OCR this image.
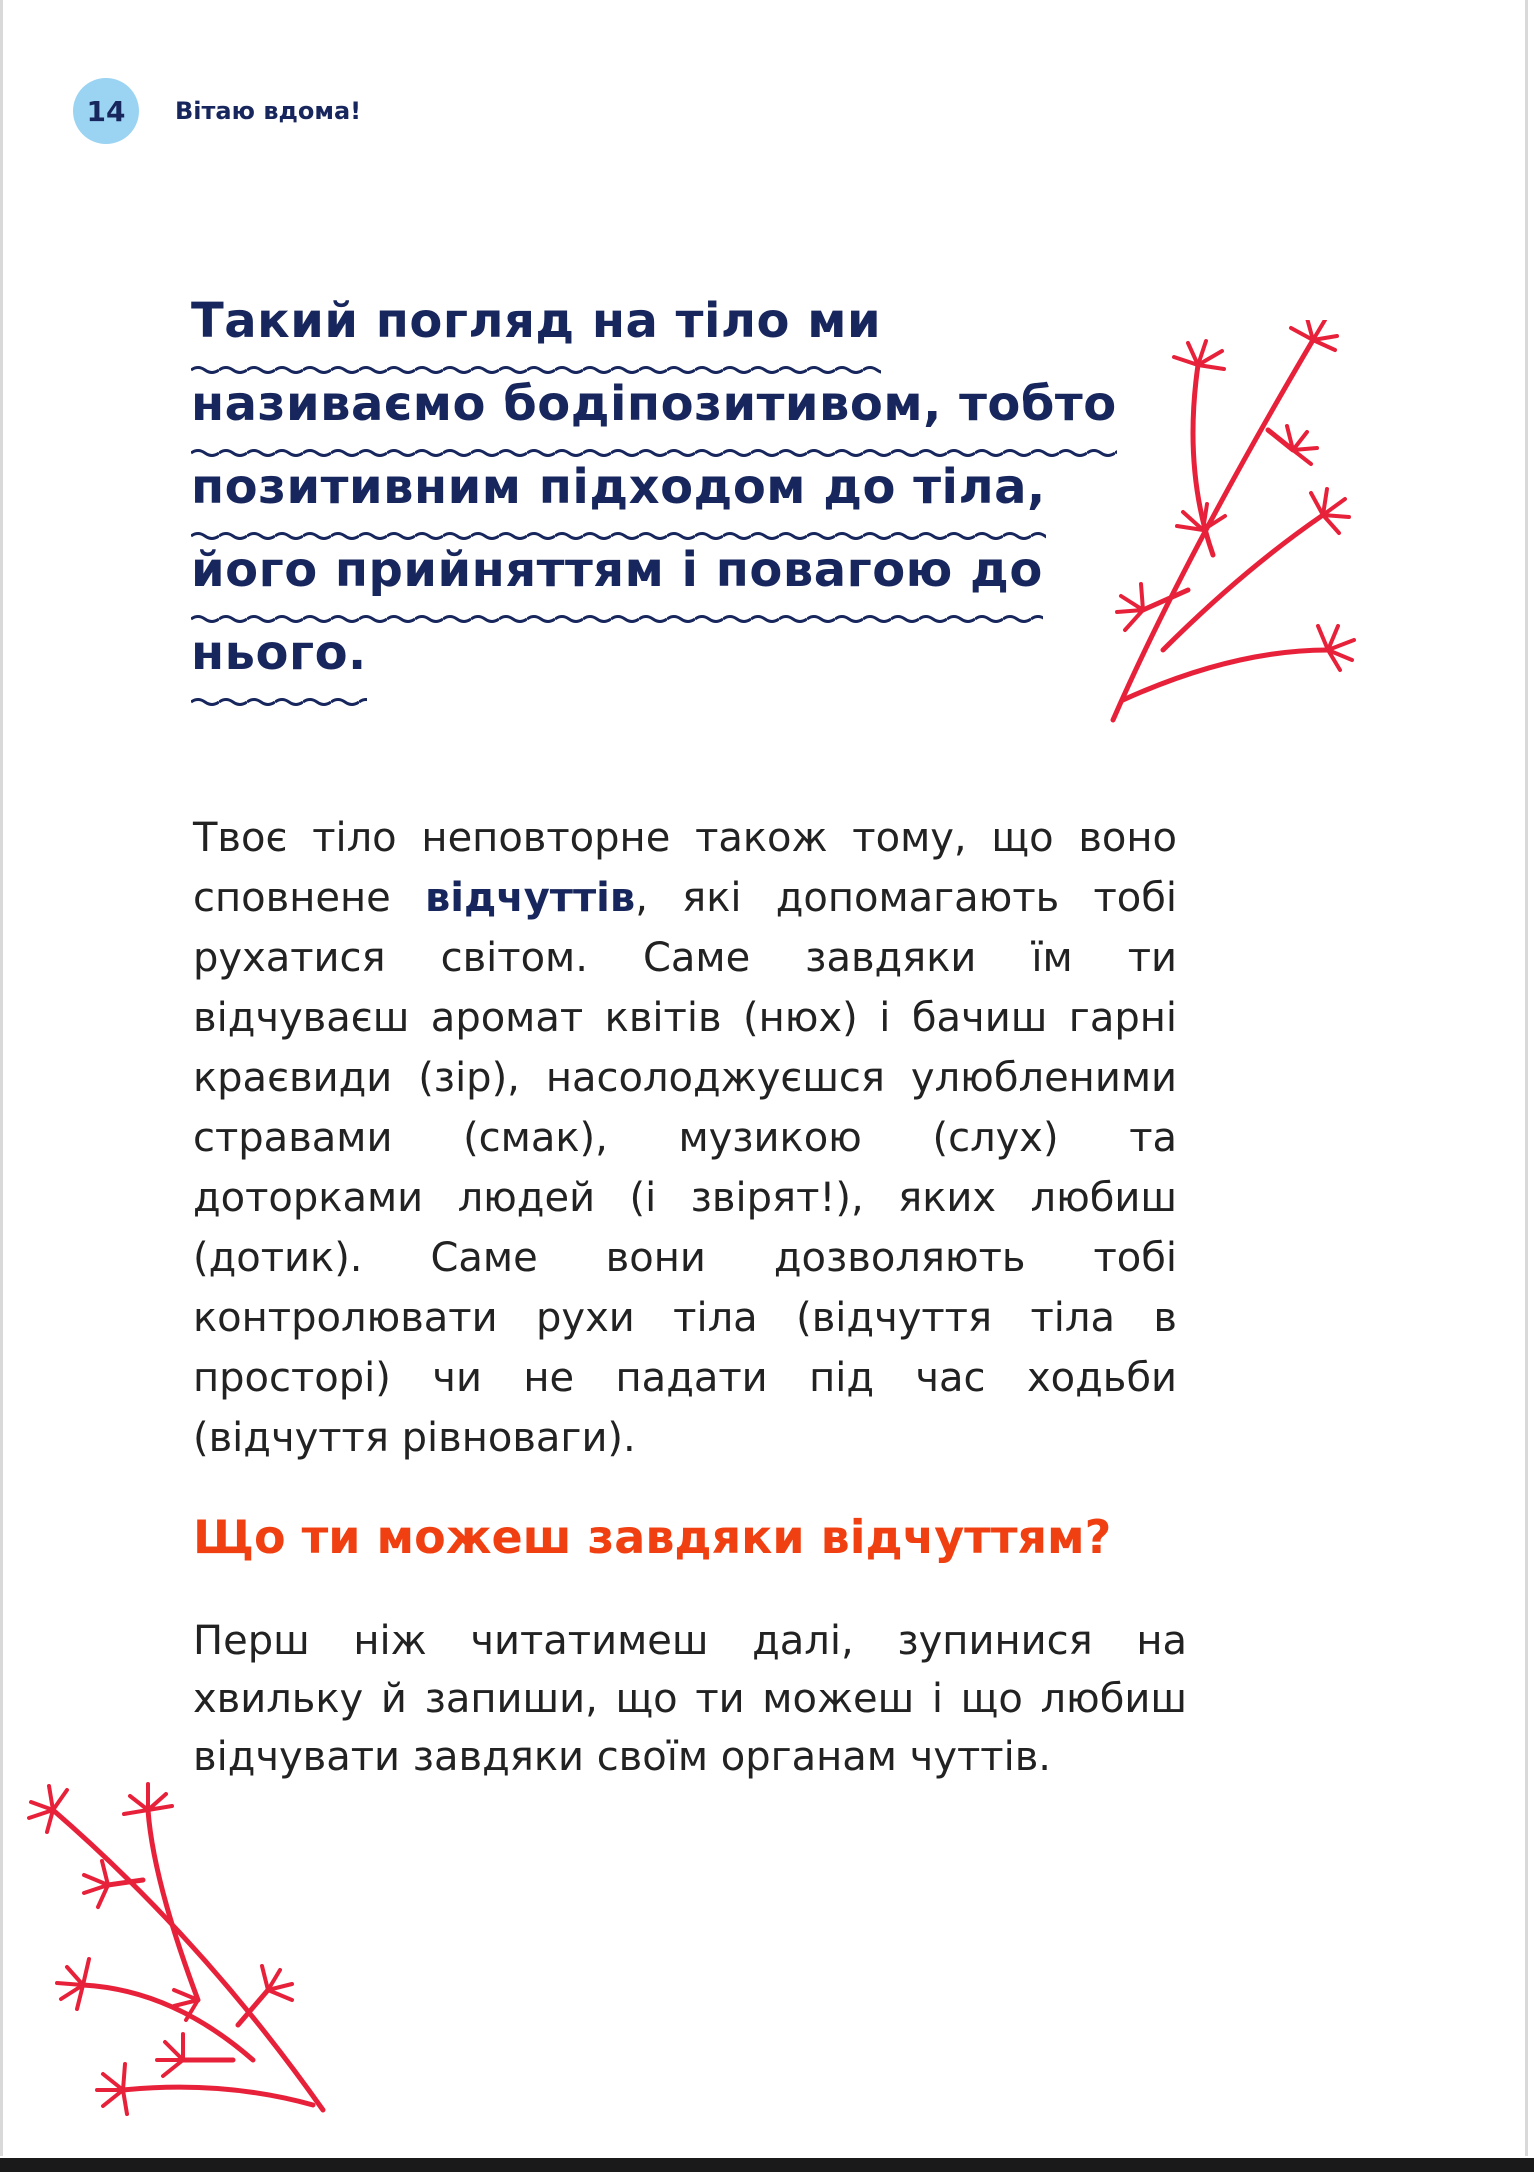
14	Вітаю вдома!
Такий погляд на тіло ми
називаємо бодіпозитивом, тобто
позитивним підходом до тіла,
його прийняттям і повагою до
нього.
Твоє тіло неповторне також тому, що воно сповнене відчуттів, які допомагають тобі рухатися світом. Саме завдяки їм ти відчуваєш аромат квітів (нюх) і бачиш гарні краєвиди (зір), насолоджуєшся улюбленими стравами (смак), музикою (слух) та доторками людей (і звірят!), яких любиш (дотик). Саме вони дозволяють тобі контролювати рухи тіла (відчуття тіла в просторі) чи не падати під час ходьби (відчуття рівноваги).
Що ти можеш завдяки відчуттям?
Перш ніж читатимеш далі, зупинися на хвильку й запиши, що ти можеш і що любиш відчувати завдяки своїм органам чуттів.
